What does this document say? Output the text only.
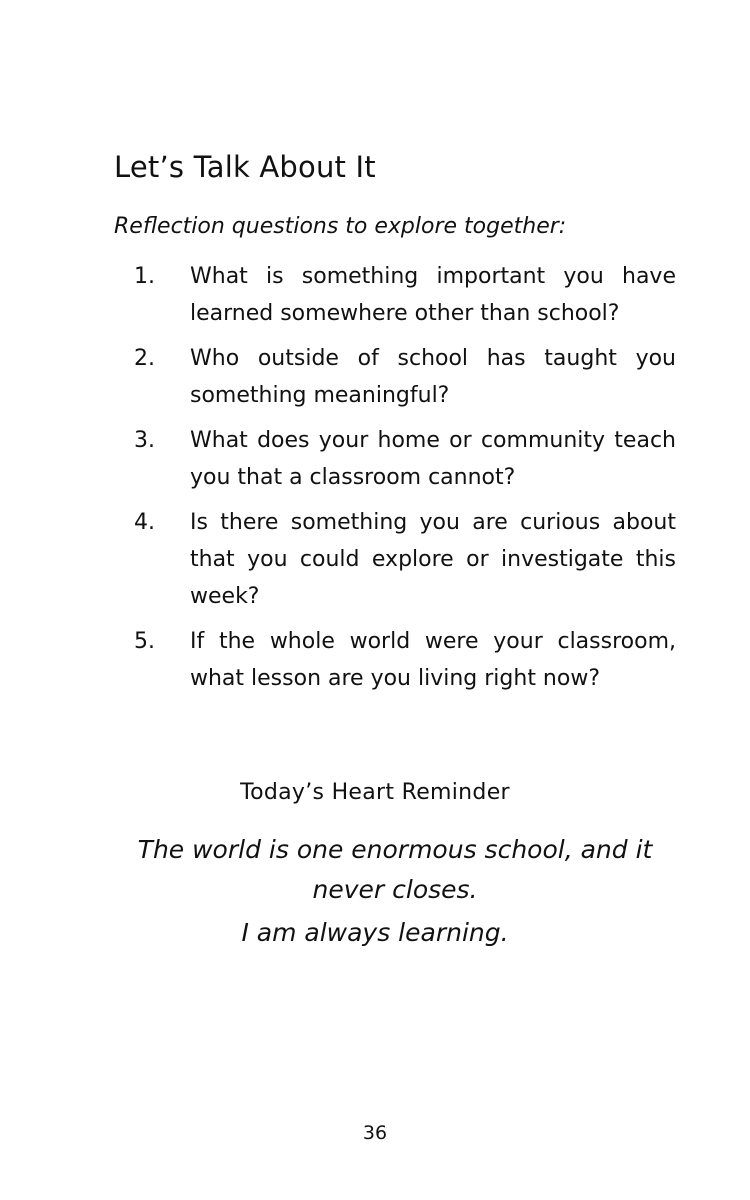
Let’s Talk About It

Reflection questions to explore together:

1.	What is something important you have learned somewhere other than school?
2.	Who outside of school has taught you something meaningful?
3.	What does your home or community teach you that a classroom cannot?
4.	Is there something you are curious about that you could explore or investigate this week?
5.	If the whole world were your classroom, what lesson are you living right now?

Today’s Heart Reminder

The world is one enormous school, and it never closes.

I am always learning.

36
